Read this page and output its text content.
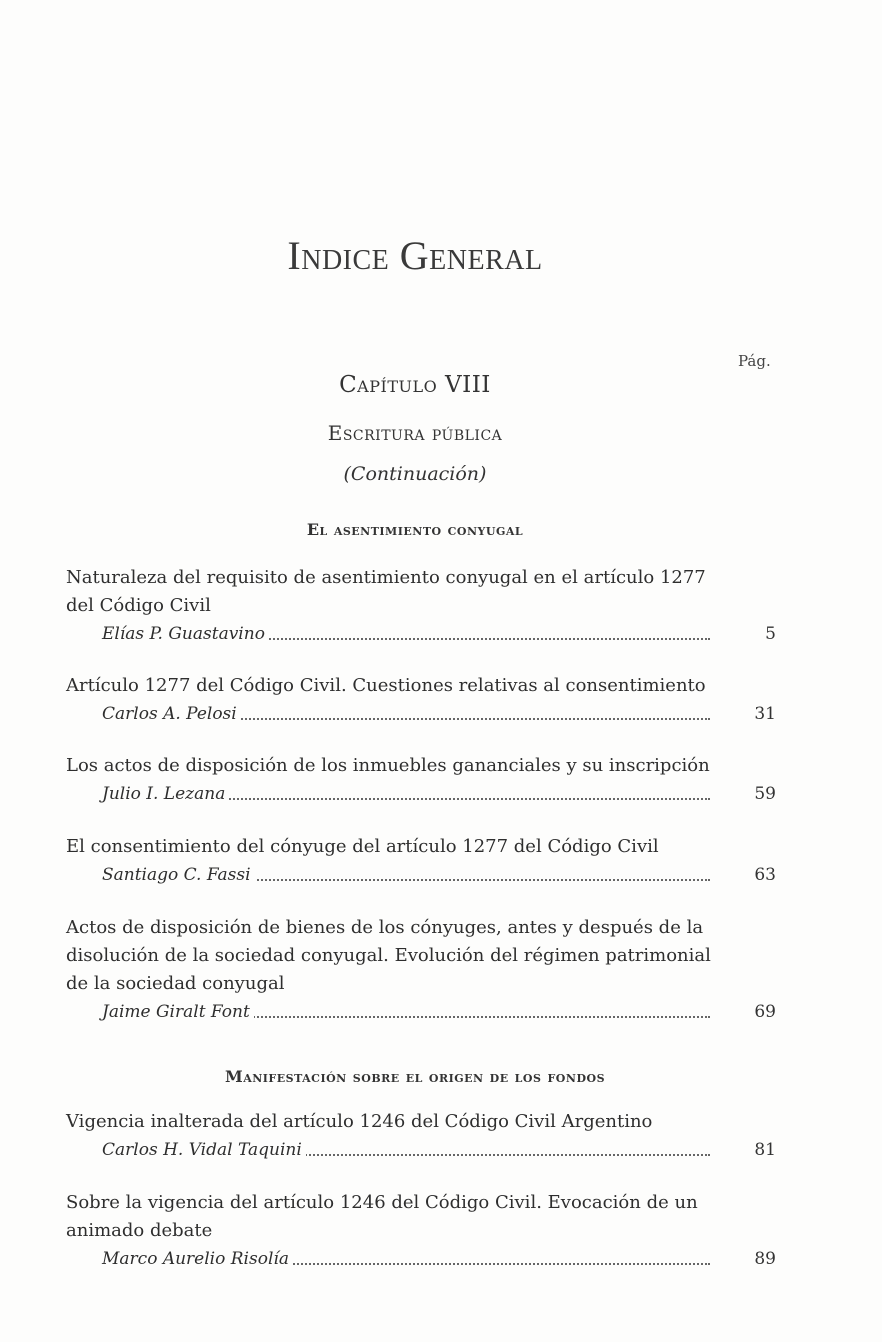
Indice General
Pág.
Capítulo VIII
Escritura pública
(Continuación)
El asentimiento conyugal
Naturaleza del requisito de asentimiento conyugal en el artículo 1277 del Código Civil
Elías P. Guastavino	5
Artículo 1277 del Código Civil. Cuestiones relativas al consentimiento
Carlos A. Pelosi	31
Los actos de disposición de los inmuebles gananciales y su inscripción
Julio I. Lezana	59
El consentimiento del cónyuge del artículo 1277 del Código Civil
Santiago C. Fassi	63
Actos de disposición de bienes de los cónyuges, antes y después de la disolución de la sociedad conyugal. Evolución del régimen patrimonial de la sociedad conyugal
Jaime Giralt Font	69
Manifestación sobre el origen de los fondos
Vigencia inalterada del artículo 1246 del Código Civil Argentino
Carlos H. Vidal Taquini	81
Sobre la vigencia del artículo 1246 del Código Civil. Evocación de un animado debate
Marco Aurelio Risolía	89
